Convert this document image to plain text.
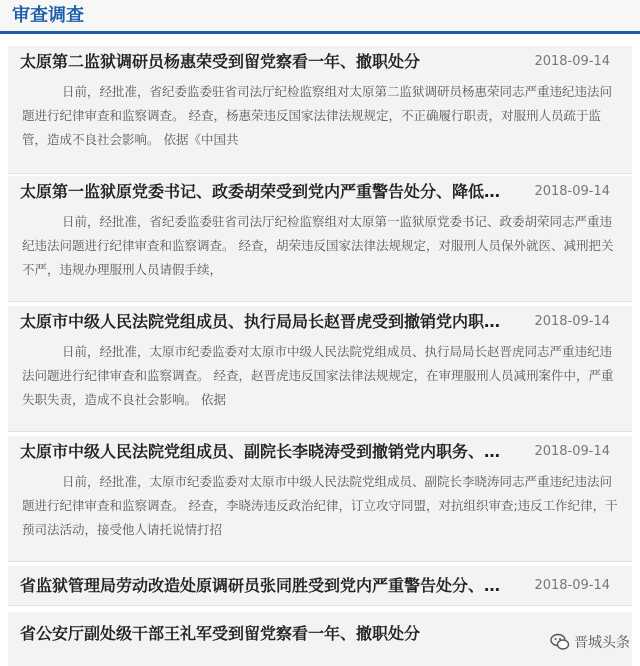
审查调查
太原第二监狱调研员杨惠荣受到留党察看一年、撤职处分	2018-09-14
日前，经批准，省纪委监委驻省司法厅纪检监察组对太原第二监狱调研员杨惠荣同志严重违纪违法问题进行纪律审查和监察调查。 经查，杨惠荣违反国家法律法规规定，不正确履行职责，对服刑人员疏于监管，造成不良社会影响。 依据《中国共
太原第一监狱原党委书记、政委胡荣受到党内严重警告处分、降低…	2018-09-14
日前，经批准，省纪委监委驻省司法厅纪检监察组对太原第一监狱原党委书记、政委胡荣同志严重违纪违法问题进行纪律审查和监察调查。 经查，胡荣违反国家法律法规规定，对服刑人员保外就医、减刑把关不严，违规办理服刑人员请假手续，
太原市中级人民法院党组成员、执行局局长赵晋虎受到撤销党内职…	2018-09-14
日前，经批准，太原市纪委监委对太原市中级人民法院党组成员、执行局局长赵晋虎同志严重违纪违法问题进行纪律审查和监察调查。 经查，赵晋虎违反国家法律法规规定，在审理服刑人员减刑案件中，严重失职失责，造成不良社会影响。 依据
太原市中级人民法院党组成员、副院长李晓涛受到撤销党内职务、…	2018-09-14
日前，经批准，太原市纪委监委对太原市中级人民法院党组成员、副院长李晓涛同志严重违纪违法问题进行纪律审查和监察调查。 经查，李晓涛违反政治纪律，订立攻守同盟，对抗组织审查;违反工作纪律，干预司法活动，接受他人请托说情打招
省监狱管理局劳动改造处原调研员张同胜受到党内严重警告处分、…	2018-09-14
省公安厅副处级干部王礼军受到留党察看一年、撤职处分	晋城头条
